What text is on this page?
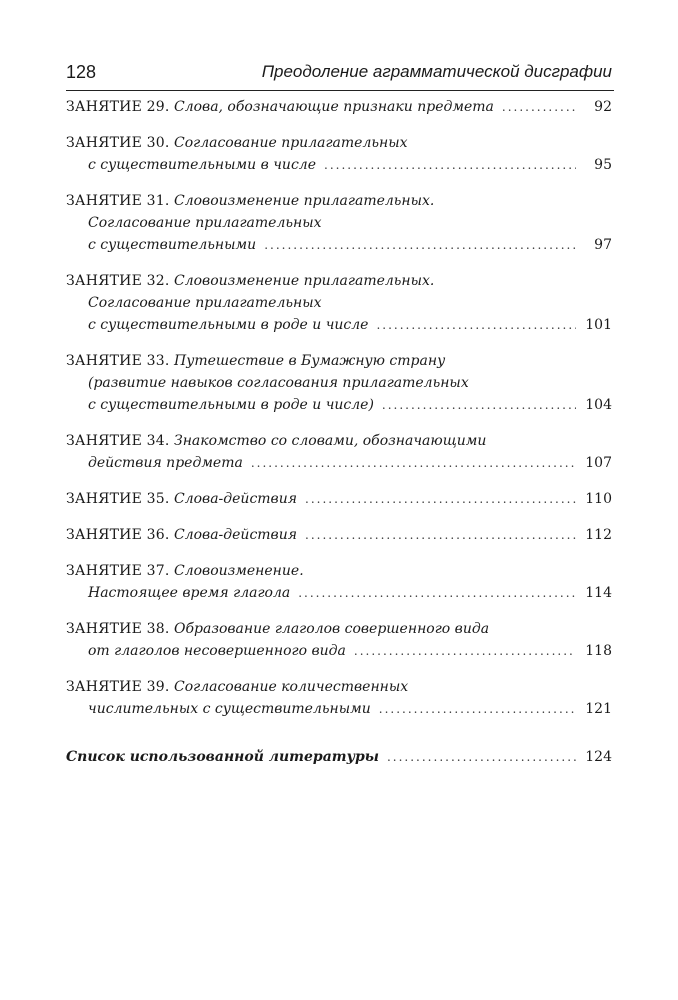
128	Преодоление аграмматической дисграфии
ЗАНЯТИЕ 29.
Слова, обозначающие признаки предмета .....	92
ЗАНЯТИЕ 30.
Согласование прилагательных
с существительными в числе .....	95
ЗАНЯТИЕ 31.
Словоизменение прилагательных.
Согласование прилагательных
с существительными .....	97
ЗАНЯТИЕ 32.
Словоизменение прилагательных.
Согласование прилагательных
с существительными в роде и числе .....	101
ЗАНЯТИЕ 33.
Путешествие в Бумажную страну
(развитие навыков согласования прилагательных
с существительными в роде и числе) .....	104
ЗАНЯТИЕ 34.
Знакомство со словами, обозначающими
действия предмета .....	107
ЗАНЯТИЕ 35.
Слова-действия .....	110
ЗАНЯТИЕ 36.
Слова-действия .....	112
ЗАНЯТИЕ 37.
Словоизменение.
Настоящее время глагола .....	114
ЗАНЯТИЕ 38.
Образование глаголов совершенного вида
от глаголов несовершенного вида .....	118
ЗАНЯТИЕ 39.
Согласование количественных
числительных с существительными .....	121
Список использованной литературы .....	124
